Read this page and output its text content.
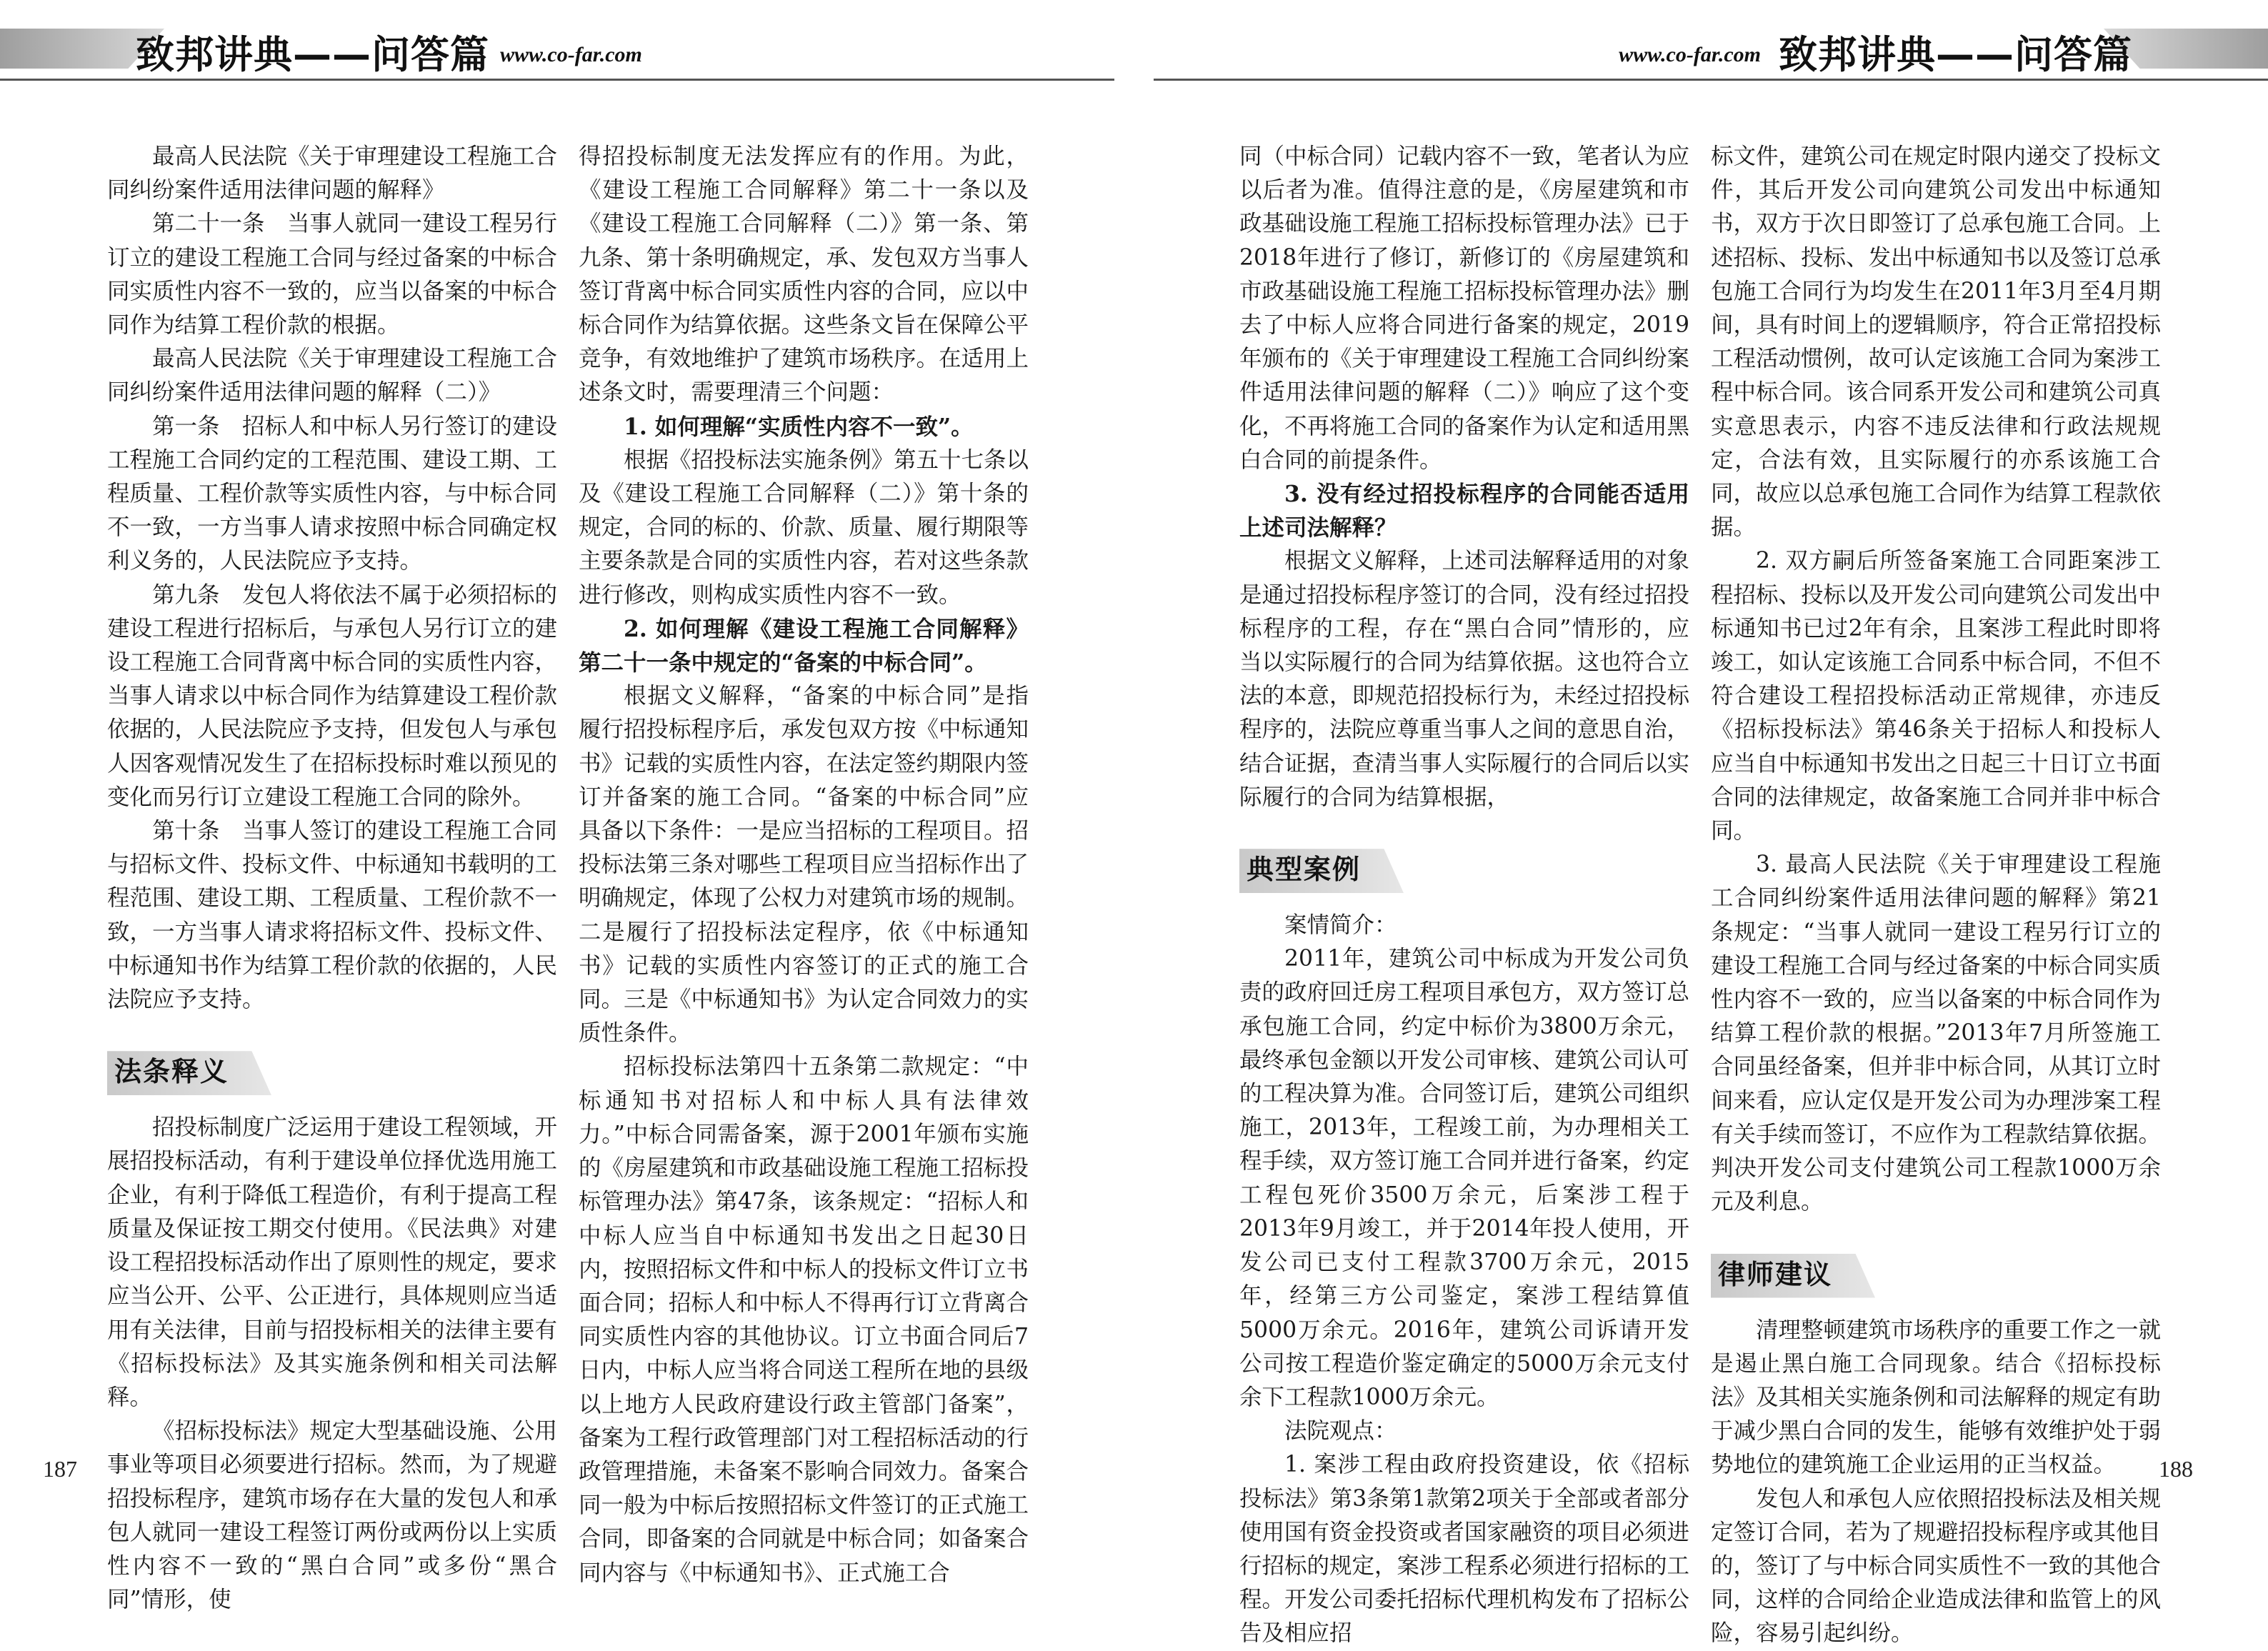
致邦讲典——问答篇 www.co-far.com	www.co-far.com 致邦讲典——问答篇

最高人民法院《关于审理建设工程施工合同纠纷案件适用法律问题的解释》

第二十一条　当事人就同一建设工程另行订立的建设工程施工合同与经过备案的中标合同实质性内容不一致的，应当以备案的中标合同作为结算工程价款的根据。

最高人民法院《关于审理建设工程施工合同纠纷案件适用法律问题的解释（二）》

第一条　招标人和中标人另行签订的建设工程施工合同约定的工程范围、建设工期、工程质量、工程价款等实质性内容，与中标合同不一致，一方当事人请求按照中标合同确定权利义务的，人民法院应予支持。

第九条　发包人将依法不属于必须招标的建设工程进行招标后，与承包人另行订立的建设工程施工合同背离中标合同的实质性内容，当事人请求以中标合同作为结算建设工程价款依据的，人民法院应予支持，但发包人与承包人因客观情况发生了在招标投标时难以预见的变化而另行订立建设工程施工合同的除外。

第十条　当事人签订的建设工程施工合同与招标文件、投标文件、中标通知书载明的工程范围、建设工期、工程质量、工程价款不一致，一方当事人请求将招标文件、投标文件、中标通知书作为结算工程价款的依据的，人民法院应予支持。

法条释义

招投标制度广泛运用于建设工程领域，开展招投标活动，有利于建设单位择优选用施工企业，有利于降低工程造价，有利于提高工程质量及保证按工期交付使用。《民法典》对建设工程招投标活动作出了原则性的规定，要求应当公开、公平、公正进行，具体规则应当适用有关法律，目前与招投标相关的法律主要有《招标投标法》及其实施条例和相关司法解释。

《招标投标法》规定大型基础设施、公用事业等项目必须要进行招标。然而，为了规避招投标程序，建筑市场存在大量的发包人和承包人就同一建设工程签订两份或两份以上实质性内容不一致的“黑白合同”或多份“黑合同”情形，使

得招投标制度无法发挥应有的作用。为此，《建设工程施工合同解释》第二十一条以及《建设工程施工合同解释（二）》第一条、第九条、第十条明确规定，承、发包双方当事人签订背离中标合同实质性内容的合同，应以中标合同作为结算依据。这些条文旨在保障公平竞争，有效地维护了建筑市场秩序。在适用上述条文时，需要理清三个问题：

1. 如何理解“实质性内容不一致”。

根据《招投标法实施条例》第五十七条以及《建设工程施工合同解释（二）》第十条的规定，合同的标的、价款、质量、履行期限等主要条款是合同的实质性内容，若对这些条款进行修改，则构成实质性内容不一致。

2. 如何理解《建设工程施工合同解释》第二十一条中规定的“备案的中标合同”。

根据文义解释，“备案的中标合同”是指履行招投标程序后，承发包双方按《中标通知书》记载的实质性内容，在法定签约期限内签订并备案的施工合同。“备案的中标合同”应具备以下条件：一是应当招标的工程项目。招投标法第三条对哪些工程项目应当招标作出了明确规定，体现了公权力对建筑市场的规制。二是履行了招投标法定程序，依《中标通知书》记载的实质性内容签订的正式的施工合同。三是《中标通知书》为认定合同效力的实质性条件。

招标投标法第四十五条第二款规定：“中标通知书对招标人和中标人具有法律效力。”中标合同需备案，源于2001年颁布实施的《房屋建筑和市政基础设施工程施工招标投标管理办法》第47条，该条规定：“招标人和中标人应当自中标通知书发出之日起30日内，按照招标文件和中标人的投标文件订立书面合同；招标人和中标人不得再行订立背离合同实质性内容的其他协议。订立书面合同后7日内，中标人应当将合同送工程所在地的县级以上地方人民政府建设行政主管部门备案”，备案为工程行政管理部门对工程招标活动的行政管理措施，未备案不影响合同效力。备案合同一般为中标后按照招标文件签订的正式施工合同，即备案的合同就是中标合同；如备案合同内容与《中标通知书》、正式施工合

同（中标合同）记载内容不一致，笔者认为应以后者为准。值得注意的是，《房屋建筑和市政基础设施工程施工招标投标管理办法》已于2018年进行了修订，新修订的《房屋建筑和市政基础设施工程施工招标投标管理办法》删去了中标人应将合同进行备案的规定，2019年颁布的《关于审理建设工程施工合同纠纷案件适用法律问题的解释（二）》响应了这个变化，不再将施工合同的备案作为认定和适用黑白合同的前提条件。

3. 没有经过招投标程序的合同能否适用上述司法解释？

根据文义解释，上述司法解释适用的对象是通过招投标程序签订的合同，没有经过招投标程序的工程，存在“黑白合同”情形的，应当以实际履行的合同为结算依据。这也符合立法的本意，即规范招投标行为，未经过招投标程序的，法院应尊重当事人之间的意思自治，结合证据，查清当事人实际履行的合同后以实际履行的合同为结算根据，

典型案例

案情简介：

2011年，建筑公司中标成为开发公司负责的政府回迁房工程项目承包方，双方签订总承包施工合同，约定中标价为3800万余元，最终承包金额以开发公司审核、建筑公司认可的工程决算为准。合同签订后，建筑公司组织施工，2013年，工程竣工前，为办理相关工程手续，双方签订施工合同并进行备案，约定工程包死价3500万余元，后案涉工程于2013年9月竣工，并于2014年投人使用，开发公司已支付工程款3700万余元，2015年，经第三方公司鉴定，案涉工程结算值5000万余元。2016年，建筑公司诉请开发公司按工程造价鉴定确定的5000万余元支付余下工程款1000万余元。

法院观点：

1. 案涉工程由政府投资建设，依《招标投标法》第3条第1款第2项关于全部或者部分使用国有资金投资或者国家融资的项目必须进行招标的规定，案涉工程系必须进行招标的工程。开发公司委托招标代理机构发布了招标公告及相应招

标文件，建筑公司在规定时限内递交了投标文件，其后开发公司向建筑公司发出中标通知书，双方于次日即签订了总承包施工合同。上述招标、投标、发出中标通知书以及签订总承包施工合同行为均发生在2011年3月至4月期间，具有时间上的逻辑顺序，符合正常招投标工程活动惯例，故可认定该施工合同为案涉工程中标合同。该合同系开发公司和建筑公司真实意思表示，内容不违反法律和行政法规规定，合法有效，且实际履行的亦系该施工合同，故应以总承包施工合同作为结算工程款依据。

2. 双方嗣后所签备案施工合同距案涉工程招标、投标以及开发公司向建筑公司发出中标通知书已过2年有余，且案涉工程此时即将竣工，如认定该施工合同系中标合同，不但不符合建设工程招投标活动正常规律，亦违反《招标投标法》第46条关于招标人和投标人应当自中标通知书发出之日起三十日订立书面合同的法律规定，故备案施工合同并非中标合同。

3. 最高人民法院《关于审理建设工程施工合同纠纷案件适用法律问题的解释》第21条规定：“当事人就同一建设工程另行订立的建设工程施工合同与经过备案的中标合同实质性内容不一致的，应当以备案的中标合同作为结算工程价款的根据。”2013年7月所签施工合同虽经备案，但并非中标合同，从其订立时间来看，应认定仅是开发公司为办理涉案工程有关手续而签订，不应作为工程款结算依据。判决开发公司支付建筑公司工程款1000万余元及利息。

律师建议

清理整顿建筑市场秩序的重要工作之一就是遏止黑白施工合同现象。结合《招标投标法》及其相关实施条例和司法解释的规定有助于减少黑白合同的发生，能够有效维护处于弱势地位的建筑施工企业运用的正当权益。

发包人和承包人应依照招投标法及相关规定签订合同，若为了规避招投标程序或其他目的，签订了与中标合同实质性不一致的其他合同，这样的合同给企业造成法律和监管上的风险，容易引起纠纷。

187	188
